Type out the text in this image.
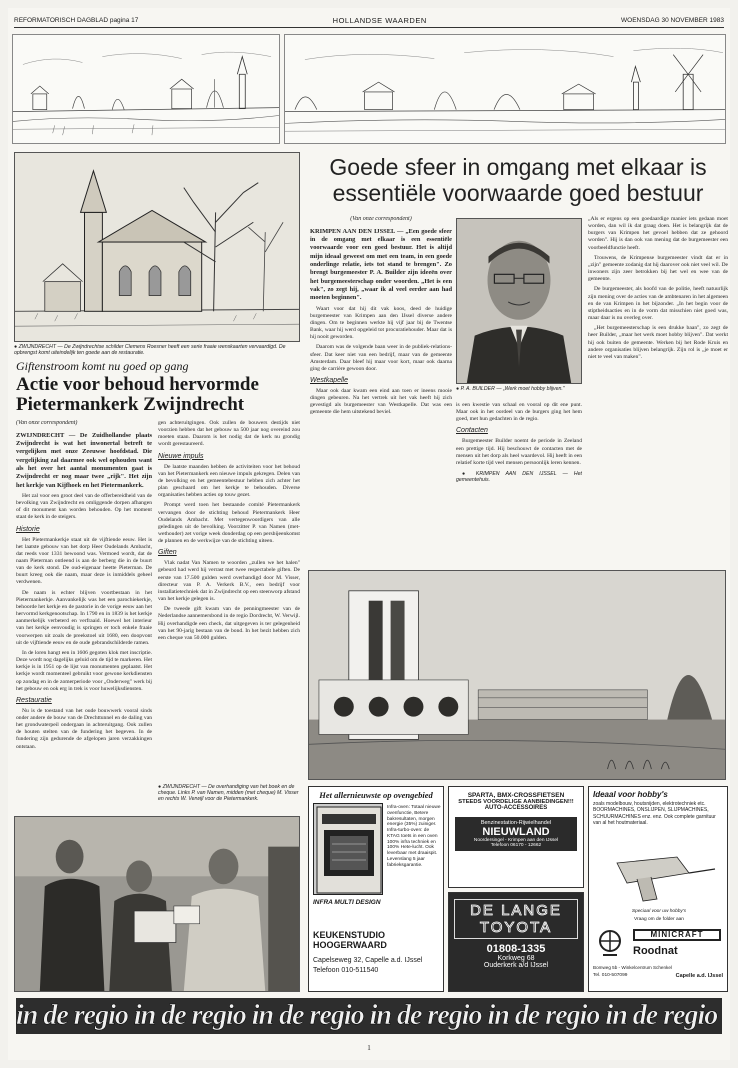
REFORMATORISCH DAGBLAD pagina 17	HOLLANDSE WAARDEN	WOENSDAG 30 NOVEMBER 1983
● ZWIJNDRECHT — De Zwijndrechtse schilder Clemens Roesner heeft een serie fraaie wenskaarten vervaardigd. De opbrengst komt uiteindelijk ten goede aan de restauratie.
Giftenstroom komt nu goed op gang
Actie voor behoud hervormde Pietermankerk Zwijndrecht
(Van onze correspondent)

ZWIJNDRECHT — De Zuidhollandse plaats Zwijndrecht is wat het inwonertal betreft te vergelijken met onze Zeeuwse hoofdstad. Die vergelijking zal daarmee ook wel ophouden want als het over het aantal monumenten gaat is Zwijndrecht er nog maar twee „rijk". Het zijn het kerkje van Kijfhoek en het Pietermankerk.

Het zal voor een groot deel van de offerbereidheid van de bevolking van Zwijndrecht en omliggende dorpen afhangen of dit monument kan worden behouden. Op het moment staat de kerk in de steigers.

Historie

Het Pietermankerkje staat uit de vijftiende eeuw. Het is het laatste gebouw van het dorp Heer Oudelands Ambacht, dat reeds voor 1331 bewoond was. Vermoed wordt, dat de naam Pieterman ontleend is aan de berberg die in de buurt van de kerk stond. De oud-eigenaar heette Pieterman. De buurt kreeg ook die naam, maar deze is inmiddels geheel verdwenen.

De naam is echter blijven voortbestaan in het Pietermankerkje. Aanvankelijk was het een parochiekerkje, behoorde het kerkje en de pastorie in de vorige eeuw aan het hervormd kerkgenootschap. In 1790 en in 1839 is het kerkje aanmerkelijk verbeterd en verfraaid. Hoewel het interieur van het kerkje eenvoudig is springen er toch enkele fraaie voorwerpen uit zoals de preekstoel uit 1680, een doopvont uit de vijftiende eeuw en de oude gebrandschilderde ramen.

In de loren hangt een in 1606 gegoten klok met inscriptie. Deze wordt nog dagelijks geluid om de tijd te markeren. Het kerkje is in 1951 op de lijst van monumenten geplaatst. Het kerkje wordt momenteel gebruikt voor gewone kerkdiensten op zondag en in de zomerperiode voor „Onderweg" werk bij het gebouw en ook erg in trek is voor huwelijksdiensten.

Restauratie

Nu is de toestand van het oude bouwwerk vooral sinds onder andere de bouw van de Drechttunnel en de daling van het grondwaterpeil ondergaan in achteruitgang. Ook zullen de houten stelten van de fundering het begeven. In de fundering zijn gedurende de afgelopen jaren verzakkingen ontstaan.

gen achteruitgingen. Ook zullen de bouwers destijds niet voorzien hebben dat het gebouw na 500 jaar nog overeind zou moeten staan. Daarom is het nodig dat de kerk nu grondig wordt gerestaureerd.

Nieuwe impuls

De laatste maanden hebben de activiteiten voor het behoud van het Pietermankerk een nieuwe impuls gekregen. Delen van de bevolking en het gemeentebestuur hebben zich achter het plan geschaard om het kerkje te behouden. Diverse organisaties hebben acties op touw gezet.

Prompt werd toen het bestaande comité Pietermankerk vervangen door de stichting behoud Pietermankerk Heer Oudelands Ambacht. Met vertegenwoordigers van alle geledingen uit de bevolking. Voorzitter P. van Namen (met-wethouder) zet vorige week donderdag op een persbijeenkomst de plannen en de werkwijze van de stichting uiteen.

Giften

Vlak nadat Van Namen te woorden „zullen we het halen" gebeurd had werd hij verrast met twee respectabele giften. De eerste van 17.500 gulden werd overhandigd door M. Visser, directeur van P. A. Verkerk B.V., een bedrijf voor installatietechniek dat in Zwijndrecht op een steenworp afstand van het kerkje gelegen is.

De tweede gift kwam van de penningmeester van de Nederlandse aannemersbond in de regio Dordrecht, W. Verwijl. Hij overhandigde een check, dat uitgegeven is ter gelegenheid van het 90-jarig bestaan van de bond. In het bezit hebben zich een cheque van 50.000 gulden.

● ZWIJNDRECHT — De overhandiging van het boek en de cheque. Links P. van Namen, midden (met cheque) M. Visser en rechts W. Verwijl voor de Pietermankerk.
Goede sfeer in omgang met elkaar is essentiële voorwaarde goed bestuur
(Van onze correspondent)

KRIMPEN AAN DEN IJSSEL — „Een goede sfeer in de omgang met elkaar is een essentiële voorwaarde voor een goed bestuur. Het is altijd mijn ideaal geweest om met een team, in een goede onderlinge relatie, iets tot stand te brengen". Zo brengt burgemeester P. A. Builder zijn ideeën over het burgemeesterschap onder woorden. „Het is een vak", zo zegt hij, „waar ik al veel eerder aan had moeten beginnen".

Waart voor dat hij dit vak koos, deed de huidige burgemeester van Krimpen aan den IJssel diverse andere dingen. Om te beginnen werkte hij vijf jaar bij de Twentse Bank, waar hij werd opgeleid tot procuratiehouder. Maar dat is hij nooit geworden.

Daarom was de volgende baan weer in de publiek-relations-sfeer. Dat keer niet van een bedrijf, maar van de gemeente Amsterdam. Daar bleef hij maar voor kort, maar ook daarna ging de carrière gewoon door.

Westkapelle

Maar ook daar kwam een eind aan toen er ineens mooie dingen gebeuren. Na het vertrek uit het vak heeft hij zich gevestigd als burgemeester van Westkapelle. Dat was een gemeente die hem uitstekend beviel.

● P. A. BUILDER — „Werk moet hobby blijven."

is een kwestie van schaal en vooral op dit ene punt. Maar ook in het oordeel van de burgers ging het hem goed, met hun gedachten in de regio.

Contacten

Burgemeester Builder noemt de periode in Zeeland een prettige tijd. Hij beschouwt de contacten met de mensen uit het dorp als heel waardevol. Hij heeft in een relatief korte tijd veel mensen persoonlijk leren kennen.

● KRIMPEN AAN DEN IJSSEL — Het gemeentehuis.

„Als er ergens op een goedaardige manier iets gedaan moet worden, dan wil ik dat graag doen. Het is belangrijk dat de burgers van Krimpen het gevoel hebben dat ze gehoord worden". Hij is dan ook van mening dat de burgemeester een voorbeeldfunctie heeft.

Trouwens, de Krimpense burgemeester vindt dat er in „zijn" gemeente zodanig dat hij daarover ook niet veel wil. De inwoners zijn zeer betrokken bij het wel en wee van de gemeente.

De burgemeester, als hoofd van de politie, heeft natuurlijk zijn mening over de acties van de ambtenaren in het algemeen en de van Krimpen in het bijzonder. „In het begin voor de stiptheidsacties en in de vorm dat misschien niet goed was, maar daar is nu overleg over.

„Het burgemeesterschap is een drukke baan", zo zegt de heer Builder, „maar het werk moet hobby blijven". Dat werkt hij ook buiten de gemeente. Werken bij het Rode Kruis en andere organisaties blijven belangrijk. Zijn rol is „je moet er niet te veel van maken".

Het allernieuwste op ovengebied
Infra-oven: Totaal nieuwe ovenfunctie, Betere bakresultaten, morgen energie (35%) zuiniger. Infra-turbo-oven: de KTAG toets in een oven 100% infra techniek en 100% Hete-lucht. Ook leverbaar met draaispit. Levenslang 5 jaar fabrieksgarantie.
INFRA MULTI DESIGN
KEUKENSTUDIO HOOGERWAARD
Capelseweg 32, Capelle a.d. IJssel
Telefoon 010-511540
SPARTA, BMX-CROSSFIETSEN
STEEDS VOORDELIGE AANBIEDINGEN!!!
AUTO-ACCESSOIRES
Benzinestation-Rijwielhandel
NIEUWLAND
Noordersingel - Krimpen aan den IJssel
Telefoon 06170 - 12662
DE LANGE
TOYOTA
01808-1335
Korkweg 68
Ouderkerk a/d IJssel
Ideaal voor hobby's
zoals modelbouw, houtsnijden, elektrotechniek etc. BOORMACHINES, ONSLIJPEN, SLIJPMACHINES, SCHUURMACHINES enz. enz. Ook complete garnituur van al het houtmateriaal.
Speciaal voor uw hobby's
Vraag om de folder aan
MINICRAFT
Roodnat
Bomweg 5b - Winkelcentrum Schenkel
Tel. 010-507099	Capelle a.d. IJssel
in de regio in de regio in de regio in de regio in de regio in de regio
1
